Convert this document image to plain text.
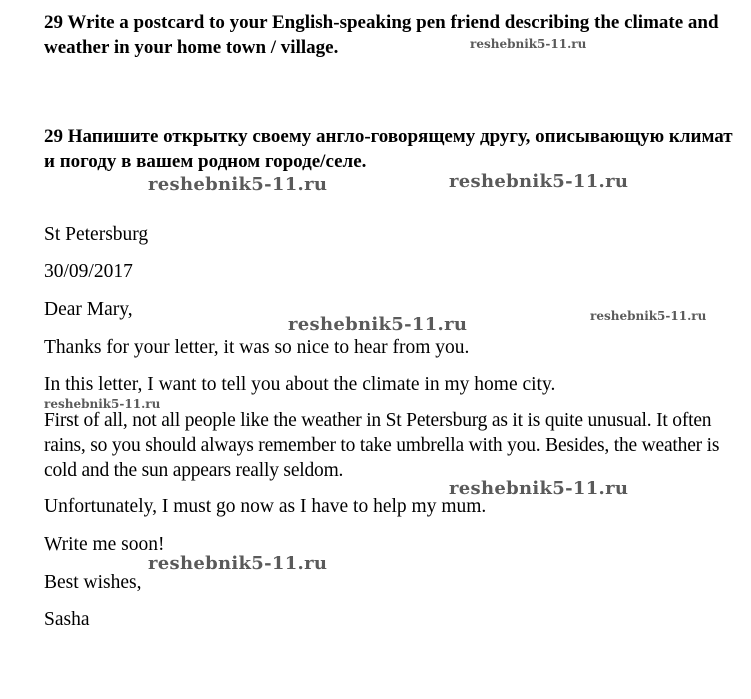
29 Write a postcard to your English-speaking pen friend describing the climate and weather in your home town / village.	reshebnik5-11.ru

29 Напишите открытку своему англо-говорящему другу, описывающую климат и погоду в вашем родном городе/селе.

reshebnik5-11.ru	reshebnik5-11.ru

St Petersburg

30/09/2017

Dear Mary,

reshebnik5-11.ru	reshebnik5-11.ru

Thanks for your letter, it was so nice to hear from you.

In this letter, I want to tell you about the climate in my home city.

reshebnik5-11.ru

First of all, not all people like the weather in St Petersburg as it is quite unusual. It often rains, so you should always remember to take umbrella with you. Besides, the weather is cold and the sun appears really seldom.

reshebnik5-11.ru

Unfortunately, I must go now as I have to help my mum.

Write me soon!

reshebnik5-11.ru

Best wishes,

Sasha
